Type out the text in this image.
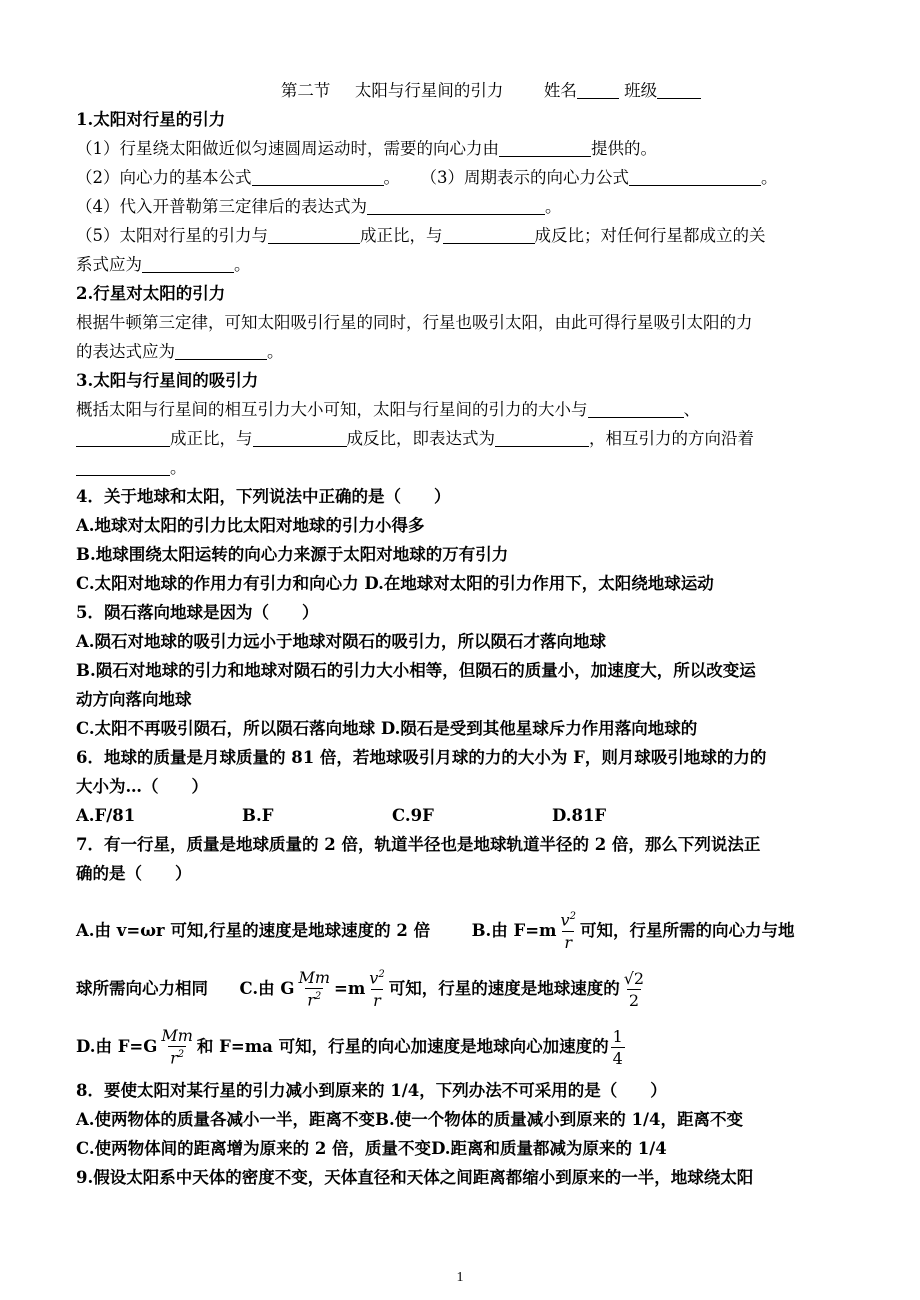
第二节 太阳与行星间的引力 姓名	班级
1.太阳对行星的引力
（1）行星绕太阳做近似匀速圆周运动时，需要的向心力由	提供的。
（2）向心力的基本公式	。 （3）周期表示的向心力公式	。
（4）代入开普勒第三定律后的表达式为	。
（5）太阳对行星的引力与	成正比，与	成反比；对任何行星都成立的关
系式应为	。
2.行星对太阳的引力
根据牛顿第三定律，可知太阳吸引行星的同时，行星也吸引太阳，由此可得行星吸引太阳的力
的表达式应为	。
3.太阳与行星间的吸引力
概括太阳与行星间的相互引力大小可知，太阳与行星间的引力的大小与	、
成正比，与	成反比，即表达式为	，相互引力的方向沿着
。
4．关于地球和太阳，下列说法中正确的是（　　）
A.地球对太阳的引力比太阳对地球的引力小得多
B.地球围绕太阳运转的向心力来源于太阳对地球的万有引力
C.太阳对地球的作用力有引力和向心力 D.在地球对太阳的引力作用下，太阳绕地球运动
5．陨石落向地球是因为（　　）
A.陨石对地球的吸引力远小于地球对陨石的吸引力，所以陨石才落向地球
B.陨石对地球的引力和地球对陨石的引力大小相等，但陨石的质量小，加速度大，所以改变运
动方向落向地球
C.太阳不再吸引陨石，所以陨石落向地球 D.陨石是受到其他星球斥力作用落向地球的
6．地球的质量是月球质量的 81 倍，若地球吸引月球的力的大小为 F，则月球吸引地球的力的
大小为…（　　）
A.F/81	B.F	C.9F	D.81F
7．有一行星，质量是地球质量的 2 倍，轨道半径也是地球轨道半径的 2 倍，那么下列说法正
确的是（　　）
A.由 v=ωr 可知,行星的速度是地球速度的 2 倍	B.由 $F=m \frac{v^2}{r}$ 可知，行星所需的向心力与地
球所需向心力相同 C.由 G $\frac{Mm}{r^2} =m \frac{v^2}{r}$ 可知，行星的速度是地球速度的 $\frac{√2}{2}$
D.由 $F=G \frac{Mm}{r^2}$ 和 F=ma 可知，行星的向心加速度是地球向心加速度的 $\frac{1}{4}$
8．要使太阳对某行星的引力减小到原来的 1/4，下列办法不可采用的是（　　）
A.使两物体的质量各减小一半，距离不变B.使一个物体的质量减小到原来的 1/4，距离不变
C.使两物体间的距离增为原来的 2 倍，质量不变D.距离和质量都减为原来的 1/4
9.假设太阳系中天体的密度不变，天体直径和天体之间距离都缩小到原来的一半，地球绕太阳
1
